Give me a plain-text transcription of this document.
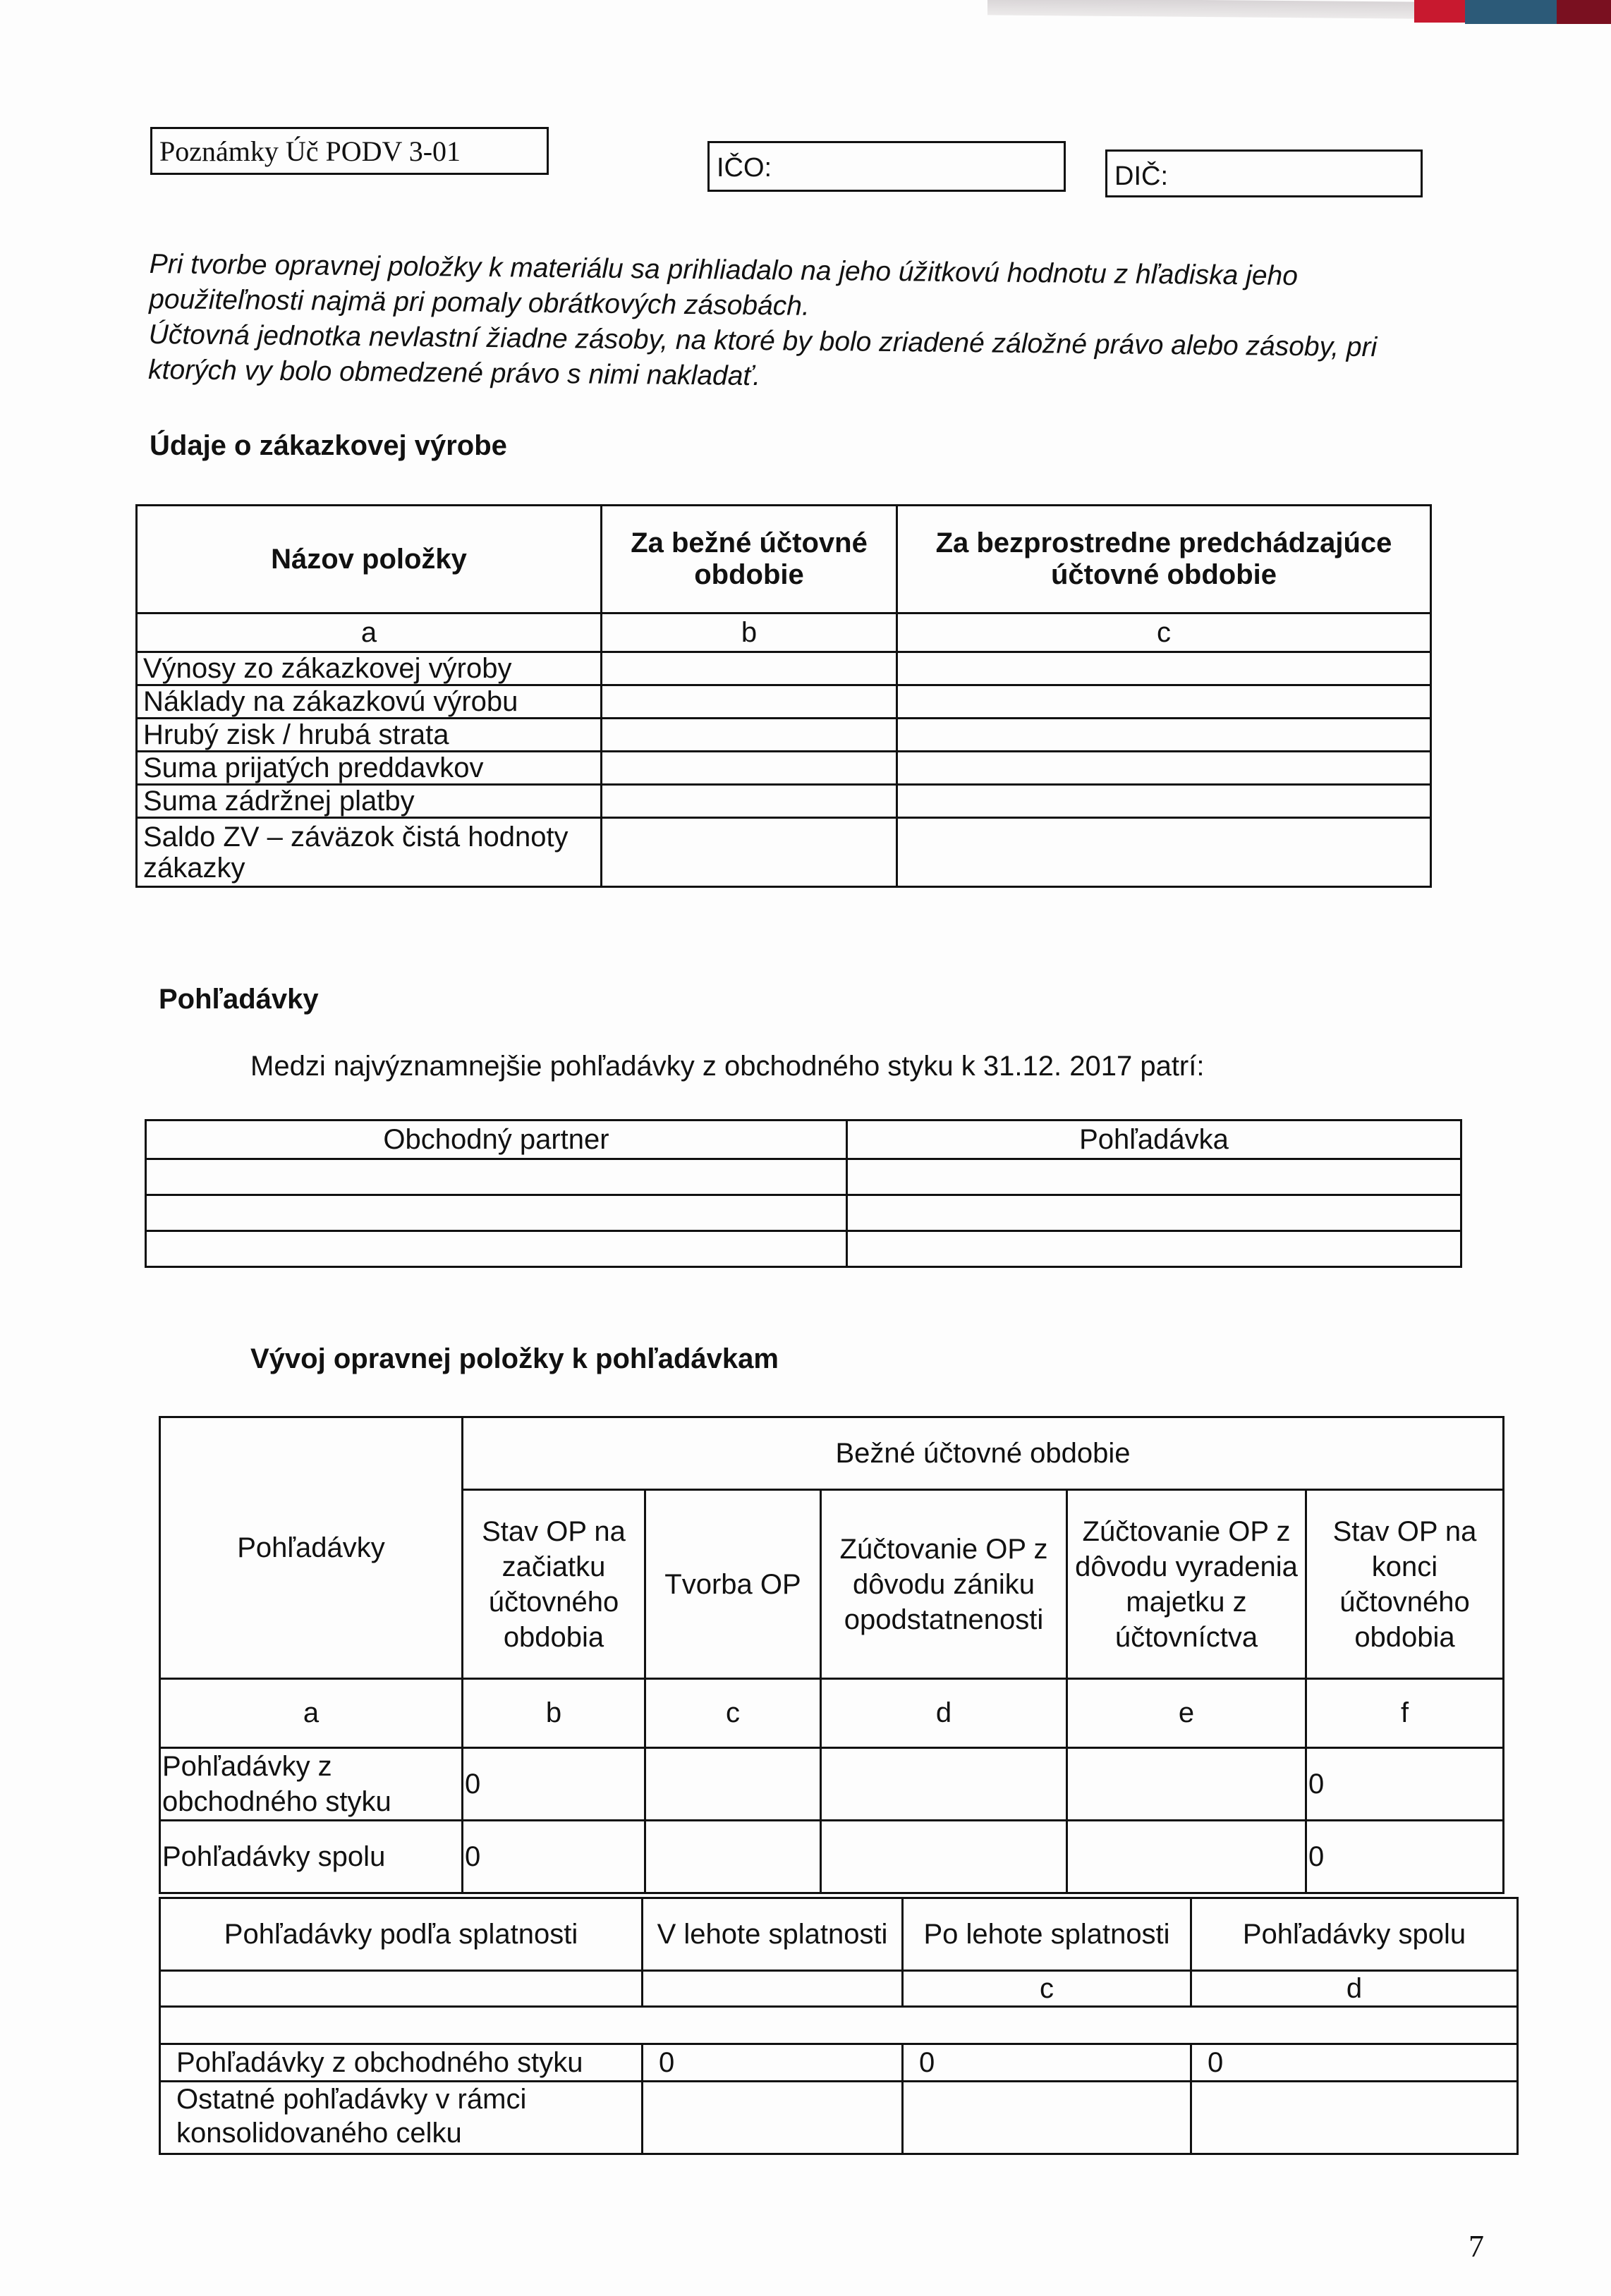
Poznámky Úč PODV 3-01
IČO:	DIČ:

Pri tvorbe opravnej položky k materiálu sa prihliadalo na jeho úžitkovú hodnotu z hľadiska jeho použiteľnosti najmä pri pomaly obrátkových zásobách.

Účtovná jednotka nevlastní žiadne zásoby, na ktoré by bolo zriadené záložné právo alebo zásoby, pri ktorých vy bolo obmedzené právo s nimi nakladať.

Údaje o zákazkovej výrobe
Názov položky	Za bežné účtovné obdobie	Za bezprostredne predchádzajúce účtovné obdobie
a	b	c
Výnosy zo zákazkovej výroby		
Náklady na zákazkovú výrobu		
Hrubý zisk / hrubá strata		
Suma prijatých preddavkov		
Suma zádržnej platby		
Saldo ZV – záväzok čistá hodnoty zákazky		
Pohľadávky
Medzi najvýznamnejšie pohľadávky z obchodného styku k 31.12. 2017 patrí:
Obchodný partner	Pohľadávka

Vývoj opravnej položky k pohľadávkam
Pohľadávky	Bežné účtovné obdobie				
	Stav OP na začiatku účtovného obdobia	Tvorba OP	Zúčtovanie OP z dôvodu zániku opodstatnenosti	Zúčtovanie OP z dôvodu vyradenia majetku z účtovníctva	Stav OP na konci účtovného obdobia
a	b	c	d	e	f
Pohľadávky z obchodného styku	0				0
Pohľadávky spolu	0				0
Pohľadávky podľa splatnosti	V lehote splatnosti	Po lehote splatnosti	Pohľadávky spolu
		c	d

Pohľadávky z obchodného styku	0	0	0
Ostatné pohľadávky v rámci konsolidovaného celku			
7
